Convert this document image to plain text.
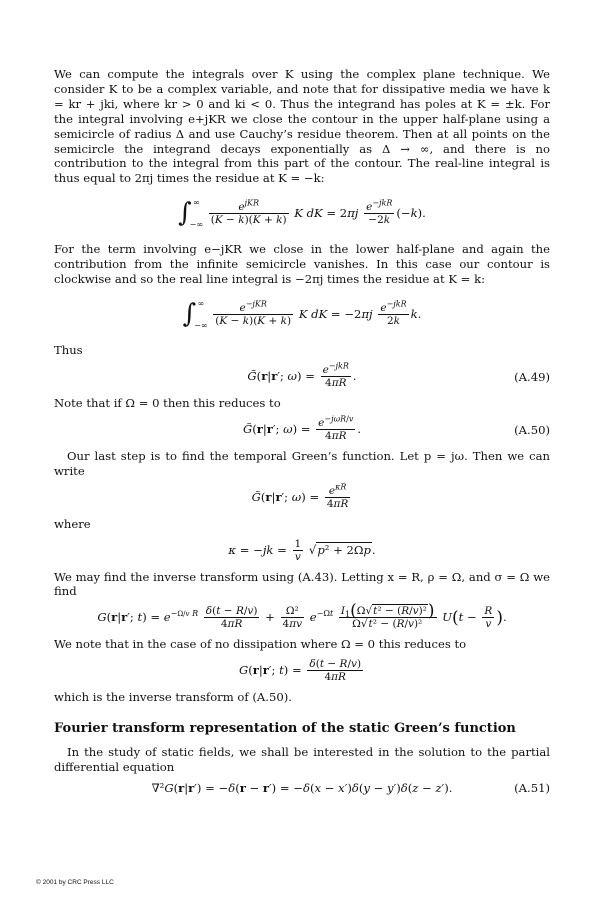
We can compute the integrals over K using the complex plane technique. We consider K to be a complex variable, and note that for dissipative media we have k = kr + jki, where kr > 0 and ki < 0. Thus the integrand has poles at K = ±k. For the integral involving e+jKR we close the contour in the upper half-plane using a semicircle of radius Δ and use Cauchy’s residue theorem. Then at all points on the semicircle the integrand decays exponentially as Δ → ∞, and there is no contribution to the integral from this part of the contour. The real-line integral is thus equal to 2πj times the residue at K = −k:

∫ ∞
−∞
$\frac{e^{jKR}}{(K - k)(K + k)}$ K dK = $2\pi j \frac{e^{-jkR}}{-2k} (-k)$.

For the term involving e−jKR we close in the lower half-plane and again the contribution from the infinite semicircle vanishes. In this case our contour is clockwise and so the real line integral is −2πj times the residue at K = k:

∫ ∞
−∞
$\frac{e^{-jKR}}{(K - k)(K + k)}$ K dK = $-2\pi j \frac{e^{-jkR}}{2k} k$.

Thus

G̃(r|r′; $\omega) = \frac{e^{-jkR}}{4\pi R}$ .	(A.49)

Note that if Ω = 0 then this reduces to

G̃(r|r′; $\omega) = \frac{e^{-j\omega R/v}}{4\pi R}$ .	(A.50)

Our last step is to find the temporal Green’s function. Let p = jω. Then we can write

G̃(r|r′; $\omega) = \frac{e^{\kappa R}}{4\pi R}$

where

$\kappa = -jk = \frac{1}{v} √p^2 + 2\Omega p$.

We may find the inverse transform using (A.43). Letting x = R, ρ = Ω, and σ = Ω we find

G(r|r′; $t) = e^{-\Omega/v R} \frac{\delta(t - R/v)}{4\pi R} + \frac{\text{Ω²}}{4\pi v} e^{-\Omega t} \frac{I_1(\Omega√t^2 - (R/v)^2)}{\text{Ω√t² − (R/v)²}} U(t - \frac{R}{v}$ ).

We note that in the case of no dissipation where Ω = 0 this reduces to

G(r|r′; $t) = \frac{\delta(t - R/v)}{4\pi R}$

which is the inverse transform of (A.50).

Fourier transform representation of the static Green’s function

In the study of static fields, we shall be interested in the solution to the partial differential equation

∇²G(r|r′) = −δ(r − r′) = −δ(x − x′)δ(y − y′)δ(z − z′).	(A.51)
© 2001 by CRC Press LLC
